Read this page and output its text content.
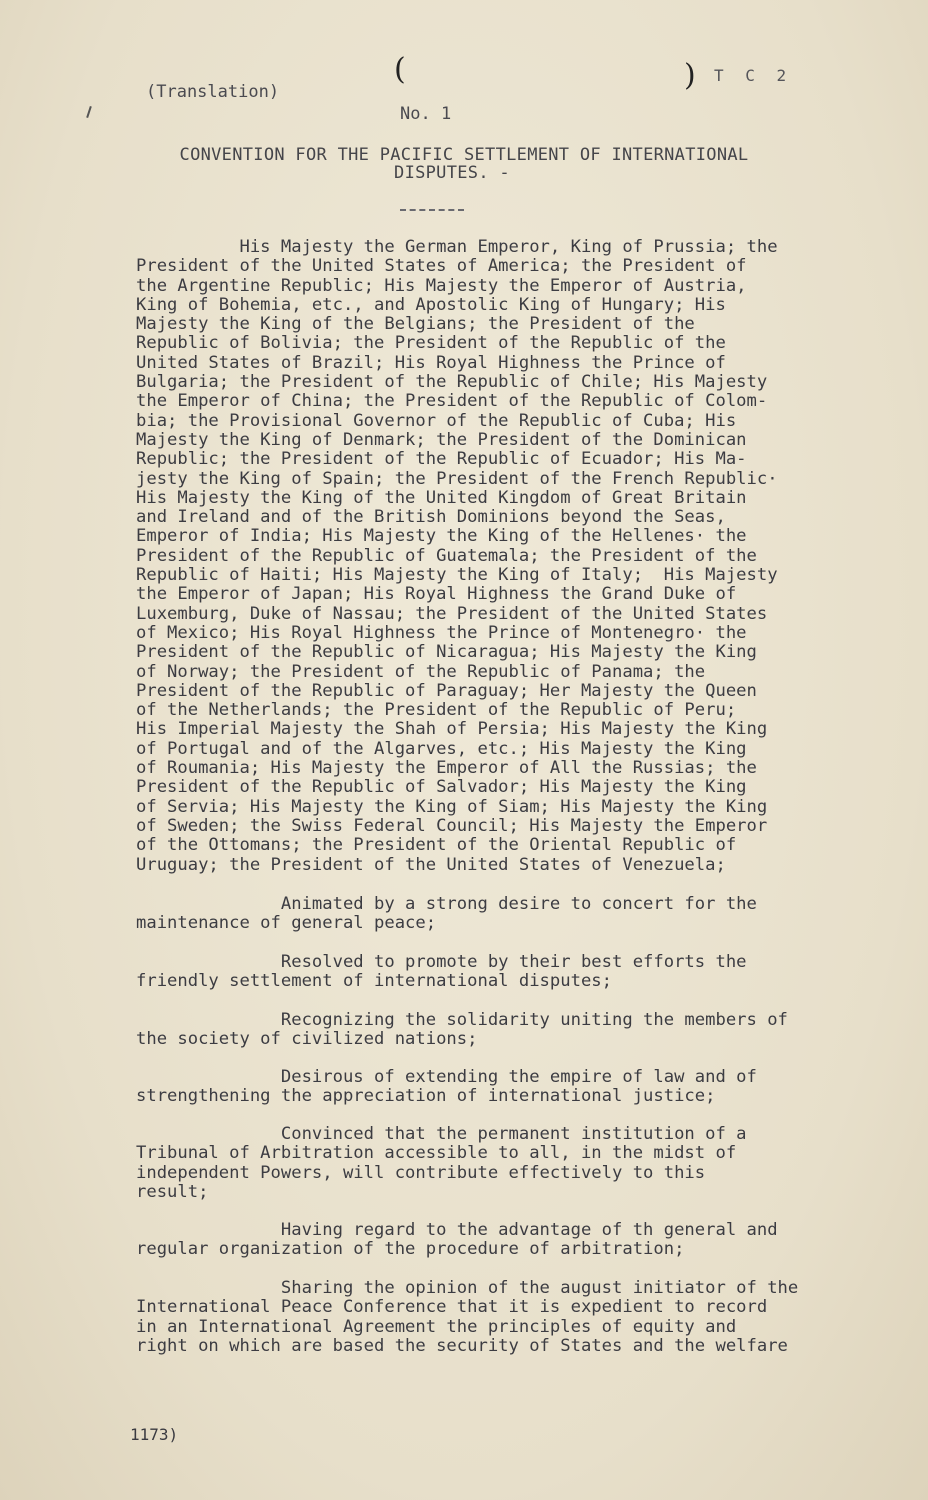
(Translation)
(	) T C 2
No. 1
CONVENTION FOR THE PACIFIC SETTLEMENT OF INTERNATIONAL
DISPUTES. -
His Majesty the German Emperor, King of Prussia; the
President of the United States of America; the President of
the Argentine Republic; His Majesty the Emperor of Austria,
King of Bohemia, etc., and Apostolic King of Hungary; His
Majesty the King of the Belgians; the President of the
Republic of Bolivia; the President of the Republic of the
United States of Brazil; His Royal Highness the Prince of
Bulgaria; the President of the Republic of Chile; His Majesty
the Emperor of China; the President of the Republic of Colom-
bia; the Provisional Governor of the Republic of Cuba; His
Majesty the King of Denmark; the President of the Dominican
Republic; the President of the Republic of Ecuador; His Ma-
jesty the King of Spain; the President of the French Republic·
His Majesty the King of the United Kingdom of Great Britain
and Ireland and of the British Dominions beyond the Seas,
Emperor of India; His Majesty the King of the Hellenes· the
President of the Republic of Guatemala; the President of the
Republic of Haiti; His Majesty the King of Italy;  His Majesty
the Emperor of Japan; His Royal Highness the Grand Duke of
Luxemburg, Duke of Nassau; the President of the United States
of Mexico; His Royal Highness the Prince of Montenegro· the
President of the Republic of Nicaragua; His Majesty the King
of Norway; the President of the Republic of Panama; the
President of the Republic of Paraguay; Her Majesty the Queen
of the Netherlands; the President of the Republic of Peru;
His Imperial Majesty the Shah of Persia; His Majesty the King
of Portugal and of the Algarves, etc.; His Majesty the King
of Roumania; His Majesty the Emperor of All the Russias; the
President of the Republic of Salvador; His Majesty the King
of Servia; His Majesty the King of Siam; His Majesty the King
of Sweden; the Swiss Federal Council; His Majesty the Emperor
of the Ottomans; the President of the Oriental Republic of
Uruguay; the President of the United States of Venezuela;
Animated by a strong desire to concert for the
maintenance of general peace;
Resolved to promote by their best efforts the
friendly settlement of international disputes;
Recognizing the solidarity uniting the members of
the society of civilized nations;
Desirous of extending the empire of law and of
strengthening the appreciation of international justice;
Convinced that the permanent institution of a
Tribunal of Arbitration accessible to all, in the midst of
independent Powers, will contribute effectively to this
result;
Having regard to the advantage of th general and
regular organization of the procedure of arbitration;
Sharing the opinion of the august initiator of the
International Peace Conference that it is expedient to record
in an International Agreement the principles of equity and
right on which are based the security of States and the welfare
1173)
